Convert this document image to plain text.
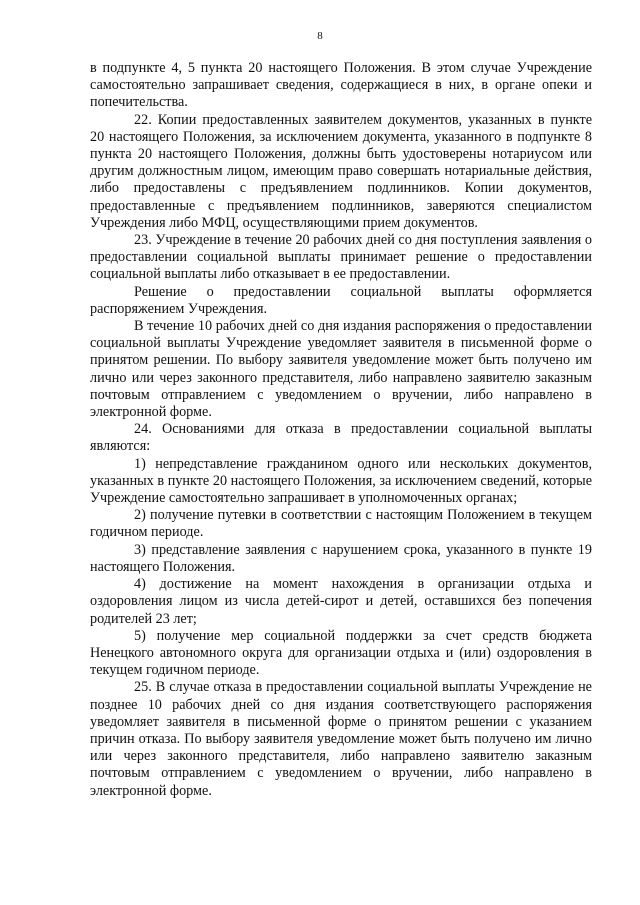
8

в подпункте 4, 5 пункта 20 настоящего Положения. В этом случае Учреждение самостоятельно запрашивает сведения, содержащиеся в них, в органе опеки и попечительства.

22. Копии предоставленных заявителем документов, указанных в пункте 20 настоящего Положения, за исключением документа, указанного в подпункте 8 пункта 20 настоящего Положения, должны быть удостоверены нотариусом или другим должностным лицом, имеющим право совершать нотариальные действия, либо предоставлены с предъявлением подлинников. Копии документов, предоставленные с предъявлением подлинников, заверяются специалистом Учреждения либо МФЦ, осуществляющими прием документов.

23. Учреждение в течение 20 рабочих дней со дня поступления заявления о предоставлении социальной выплаты принимает решение о предоставлении социальной выплаты либо отказывает в ее предоставлении.

Решение о предоставлении социальной выплаты оформляется распоряжением Учреждения.

В течение 10 рабочих дней со дня издания распоряжения о предоставлении социальной выплаты Учреждение уведомляет заявителя в письменной форме о принятом решении. По выбору заявителя уведомление может быть получено им лично или через законного представителя, либо направлено заявителю заказным почтовым отправлением с уведомлением о вручении, либо направлено в электронной форме.

24. Основаниями для отказа в предоставлении социальной выплаты являются:

1) непредставление гражданином одного или нескольких документов, указанных в пункте 20 настоящего Положения, за исключением сведений, которые Учреждение самостоятельно запрашивает в уполномоченных органах;

2) получение путевки в соответствии с настоящим Положением в текущем годичном периоде.

3) представление заявления с нарушением срока, указанного в пункте 19 настоящего Положения.

4) достижение на момент нахождения в организации отдыха и оздоровления лицом из числа детей-сирот и детей, оставшихся без попечения родителей 23 лет;

5) получение мер социальной поддержки за счет средств бюджета Ненецкого автономного округа для организации отдыха и (или) оздоровления в текущем годичном периоде.

25. В случае отказа в предоставлении социальной выплаты Учреждение не позднее 10 рабочих дней со дня издания соответствующего распоряжения уведомляет заявителя в письменной форме о принятом решении с указанием причин отказа. По выбору заявителя уведомление может быть получено им лично или через законного представителя, либо направлено заявителю заказным почтовым отправлением с уведомлением о вручении, либо направлено в электронной форме.
